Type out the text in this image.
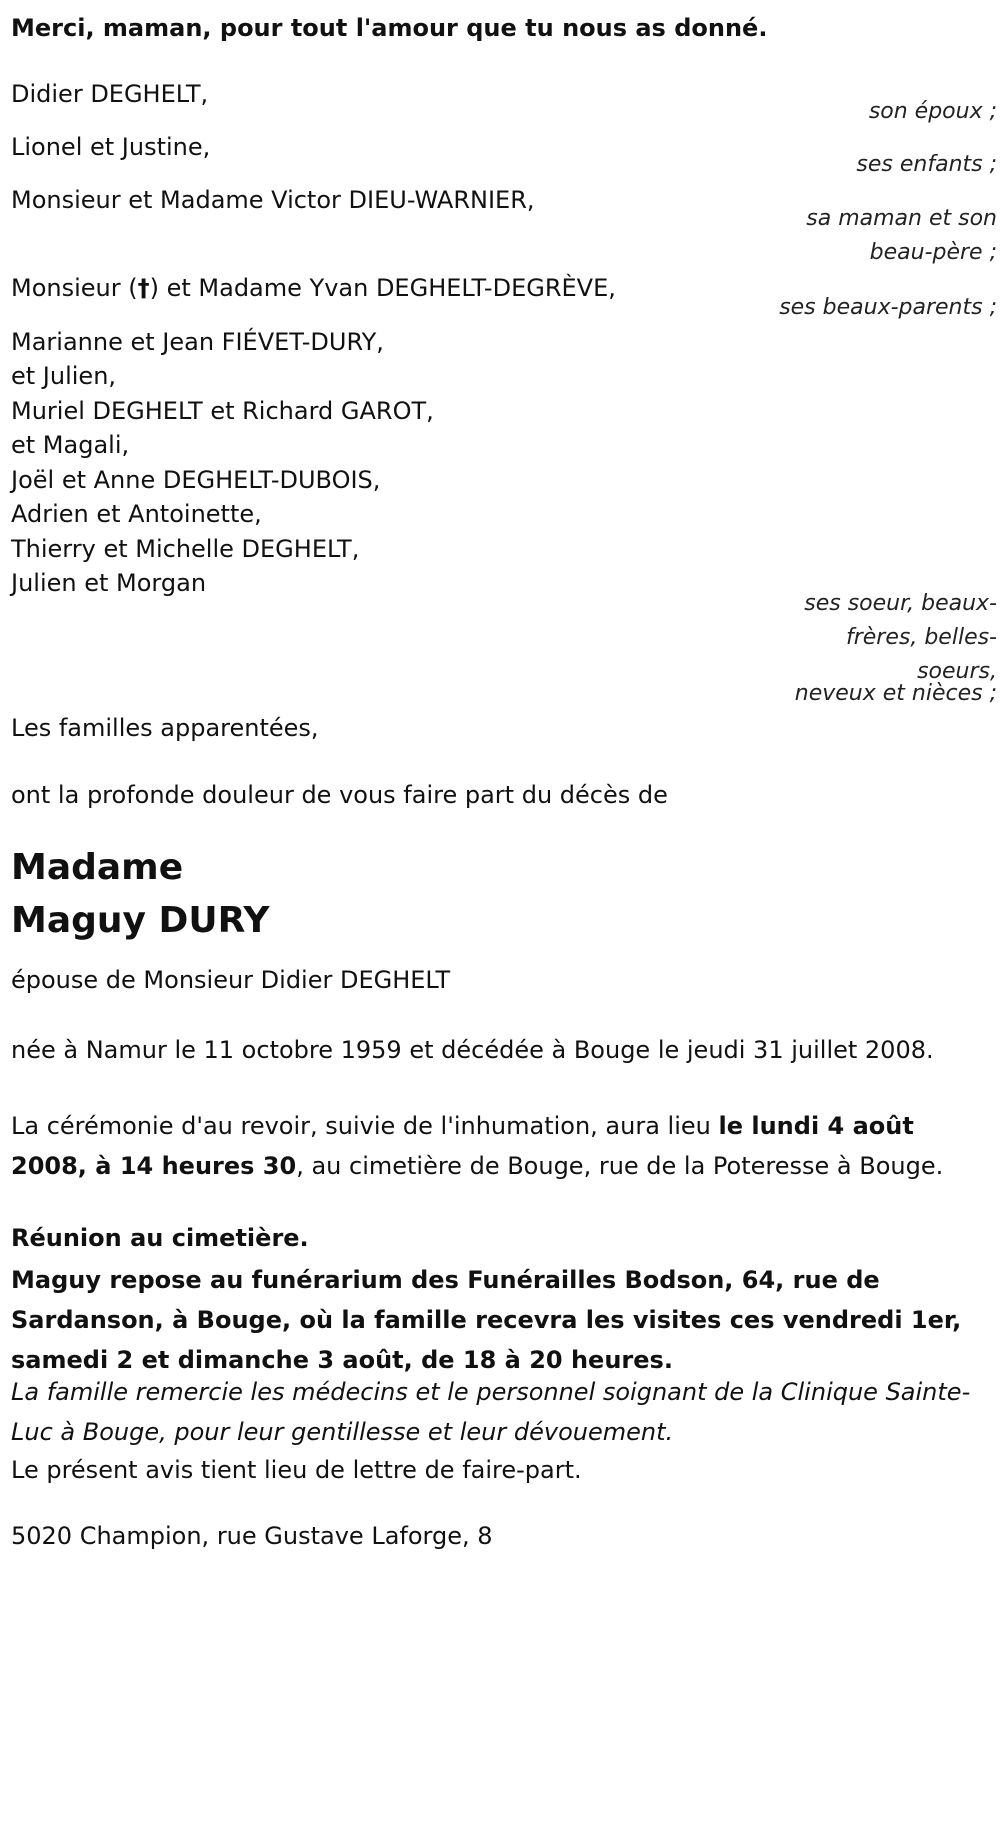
Merci, maman, pour tout l'amour que tu nous as donné.
Didier DEGHELT,
son époux ;
Lionel et Justine,
ses enfants ;
Monsieur et Madame Victor DIEU-WARNIER,
sa maman et son
beau-père ;
Monsieur (†) et Madame Yvan DEGHELT-DEGRÈVE,
ses beaux-parents ;
Marianne et Jean FIÉVET-DURY,
et Julien,
Muriel DEGHELT et Richard GAROT,
et Magali,
Joël et Anne DEGHELT-DUBOIS,
Adrien et Antoinette,
Thierry et Michelle DEGHELT,
Julien et Morgan
ses soeur, beaux-
frères, belles-
soeurs,
neveux et nièces ;
Les familles apparentées,
ont la profonde douleur de vous faire part du décès de
Madame
Maguy DURY
épouse de Monsieur Didier DEGHELT
née à Namur le 11 octobre 1959 et décédée à Bouge le jeudi 31 juillet 2008.
La cérémonie d'au revoir, suivie de l'inhumation, aura lieu le lundi 4 août 2008, à 14 heures 30, au cimetière de Bouge, rue de la Poteresse à Bouge.
Réunion au cimetière.
Maguy repose au funérarium des Funérailles Bodson, 64, rue de Sardanson, à Bouge, où la famille recevra les visites ces vendredi 1er, samedi 2 et dimanche 3 août, de 18 à 20 heures.
La famille remercie les médecins et le personnel soignant de la Clinique Sainte-Luc à Bouge, pour leur gentillesse et leur dévouement.
Le présent avis tient lieu de lettre de faire-part.
5020 Champion, rue Gustave Laforge, 8
